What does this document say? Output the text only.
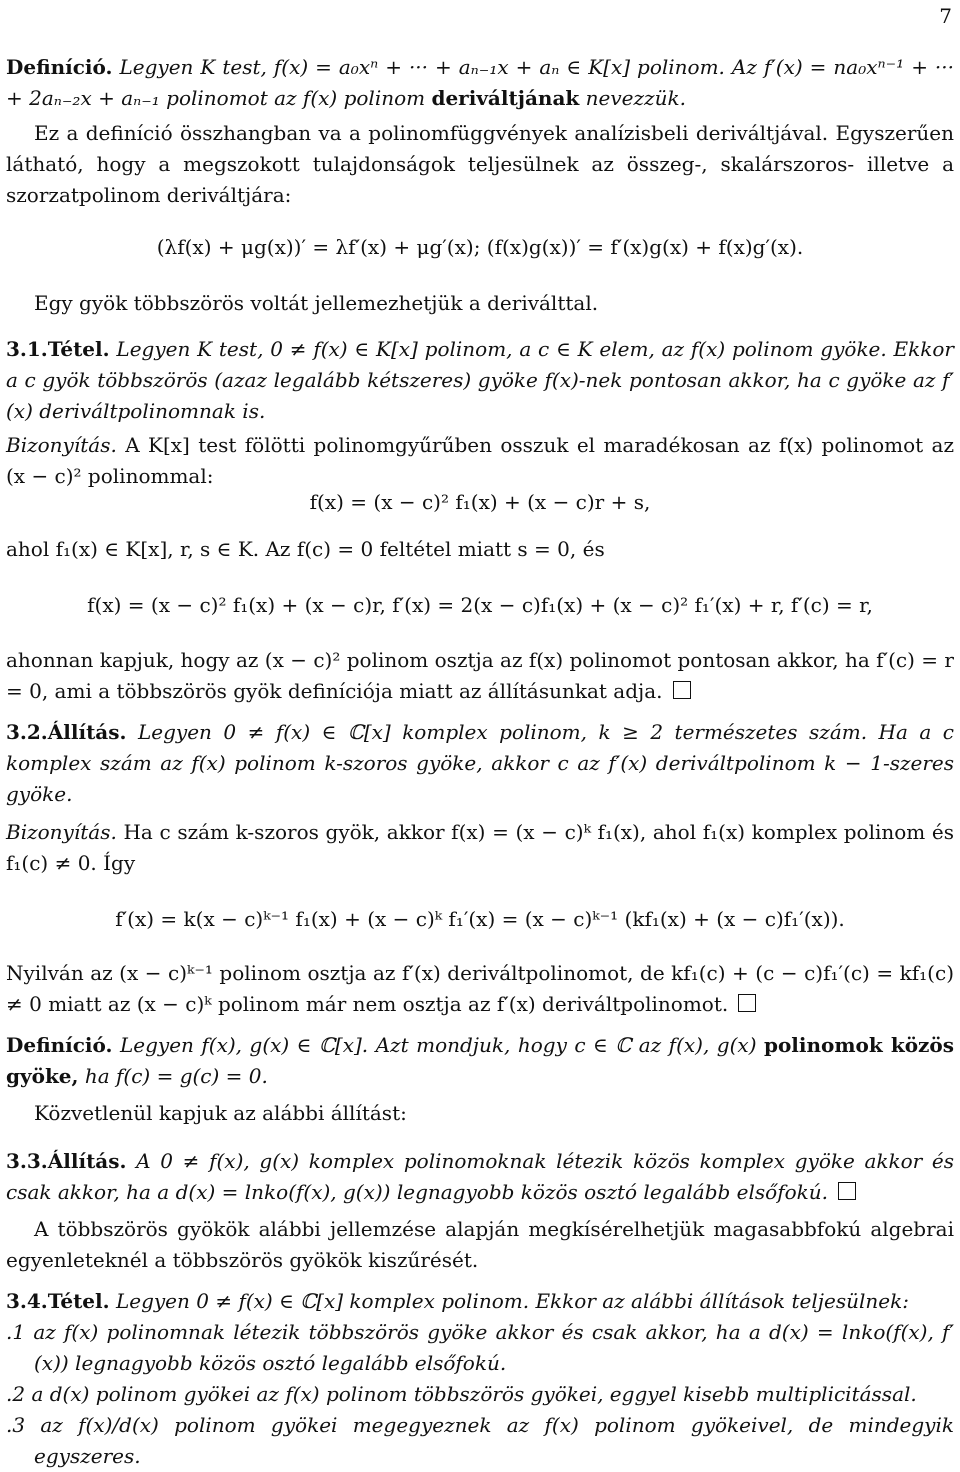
7
Definíció. Legyen K test, f(x) = a₀xⁿ + ··· + aₙ₋₁x + aₙ ∈ K[x] polinom. Az f′(x) = na₀xⁿ⁻¹ + ··· + 2aₙ₋₂x + aₙ₋₁ polinomot az f(x) polinom deriváltjának nevezzük.
Ez a definíció összhangban va a polinomfüggvények analízisbeli deriváltjával. Egyszerűen látható, hogy a megszokott tulajdonságok teljesülnek az összeg-, skalárszoros- illetve a szorzatpolinom deriváltjára:
(λf(x) + μg(x))′ = λf′(x) + μg′(x); (f(x)g(x))′ = f′(x)g(x) + f(x)g′(x).
Egy gyök többszörös voltát jellemezhetjük a deriválttal.
3.1.Tétel. Legyen K test, 0 ≠ f(x) ∈ K[x] polinom, a c ∈ K elem, az f(x) polinom gyöke. Ekkor a c gyök többszörös (azaz legalább kétszeres) gyöke f(x)-nek pontosan akkor, ha c gyöke az f′(x) deriváltpolinomnak is.
Bizonyítás. A K[x] test fölötti polinomgyűrűben osszuk el maradékosan az f(x) polinomot az (x − c)² polinommal:
f(x) = (x − c)² f₁(x) + (x − c)r + s,
ahol f₁(x) ∈ K[x], r, s ∈ K. Az f(c) = 0 feltétel miatt s = 0, és
f(x) = (x − c)² f₁(x) + (x − c)r, f′(x) = 2(x − c)f₁(x) + (x − c)² f₁′(x) + r, f′(c) = r,
ahonnan kapjuk, hogy az (x − c)² polinom osztja az f(x) polinomot pontosan akkor, ha f′(c) = r = 0, ami a többszörös gyök definíciója miatt az állításunkat adja.
3.2.Állítás. Legyen 0 ≠ f(x) ∈ ℂ[x] komplex polinom, k ≥ 2 természetes szám. Ha a c komplex szám az f(x) polinom k-szoros gyöke, akkor c az f′(x) deriváltpolinom k − 1-szeres gyöke.
Bizonyítás. Ha c szám k-szoros gyök, akkor f(x) = (x − c)ᵏ f₁(x), ahol f₁(x) komplex polinom és f₁(c) ≠ 0. Így
f′(x) = k(x − c)ᵏ⁻¹ f₁(x) + (x − c)ᵏ f₁′(x) = (x − c)ᵏ⁻¹ (kf₁(x) + (x − c)f₁′(x)).
Nyilván az (x − c)ᵏ⁻¹ polinom osztja az f′(x) deriváltpolinomot, de kf₁(c) + (c − c)f₁′(c) = kf₁(c) ≠ 0 miatt az (x − c)ᵏ polinom már nem osztja az f′(x) deriváltpolinomot.
Definíció. Legyen f(x), g(x) ∈ ℂ[x]. Azt mondjuk, hogy c ∈ ℂ az f(x), g(x) polinomok közös gyöke, ha f(c) = g(c) = 0.
Közvetlenül kapjuk az alábbi állítást:
3.3.Állítás. A 0 ≠ f(x), g(x) komplex polinomoknak létezik közös komplex gyöke akkor és csak akkor, ha a d(x) = lnko(f(x), g(x)) legnagyobb közös osztó legalább elsőfokú.
A többszörös gyökök alábbi jellemzése alapján megkísérelhetjük magasabbfokú algebrai egyenleteknél a többszörös gyökök kiszűrését.
3.4.Tétel. Legyen 0 ≠ f(x) ∈ ℂ[x] komplex polinom. Ekkor az alábbi állítások teljesülnek:
.1 az f(x) polinomnak létezik többszörös gyöke akkor és csak akkor, ha a d(x) = lnko(f(x), f′(x)) legnagyobb közös osztó legalább elsőfokú.
.2 a d(x) polinom gyökei az f(x) polinom többszörös gyökei, eggyel kisebb multiplicitással.
.3 az f(x)/d(x) polinom gyökei megegyeznek az f(x) polinom gyökeivel, de mindegyik egyszeres.
